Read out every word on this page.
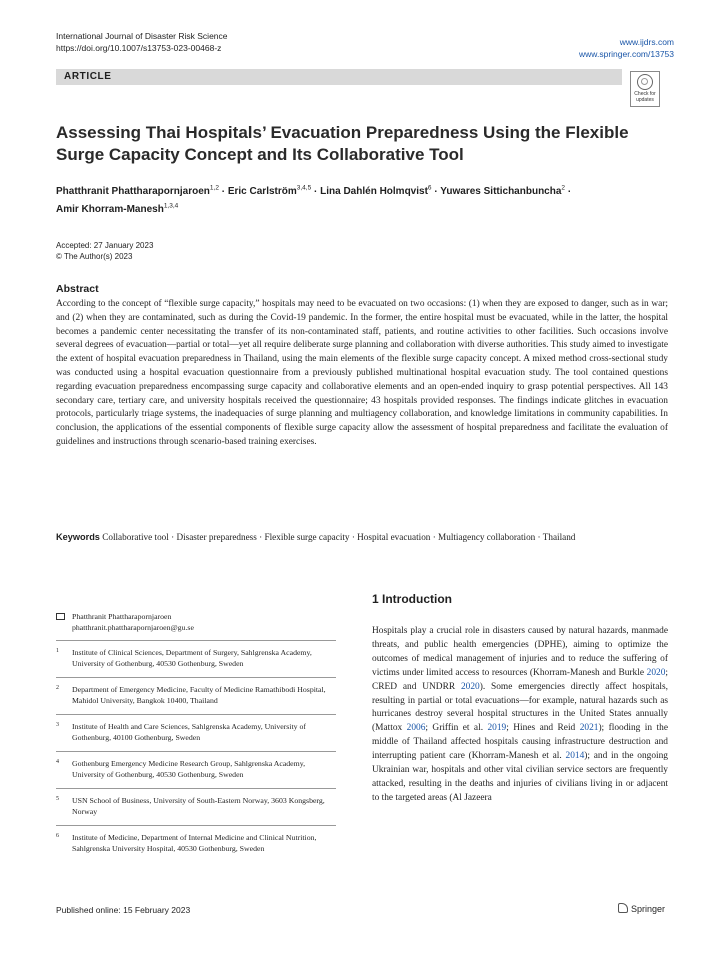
International Journal of Disaster Risk Science
https://doi.org/10.1007/s13753-023-00468-z
www.ijdrs.com
www.springer.com/13753
ARTICLE
Check for
updates
Assessing Thai Hospitals’ Evacuation Preparedness Using the Flexible Surge Capacity Concept and Its Collaborative Tool
Phatthranit Phattharapornjaroen$^{1,2}$ · Eric Carlström$^{3,4,5}$ · Lina Dahlén Holmqvist$^6$ · Yuwares Sittichanbuncha$^2$ ·
Amir Khorram-Manesh$^{1,3,4}$
Accepted: 27 January 2023
© The Author(s) 2023
Abstract
According to the concept of “flexible surge capacity,” hospitals may need to be evacuated on two occasions: (1) when they are exposed to danger, such as in war; and (2) when they are contaminated, such as during the Covid-19 pandemic. In the former, the entire hospital must be evacuated, while in the latter, the hospital becomes a pandemic center necessitating the transfer of its non-contaminated staff, patients, and routine activities to other facilities. Such occasions involve several degrees of evacuation—partial or total—yet all require deliberate surge planning and collaboration with diverse authorities. This study aimed to investigate the extent of hospital evacuation preparedness in Thailand, using the main elements of the flexible surge capacity concept. A mixed method cross-sectional study was conducted using a hospital evacuation questionnaire from a previously published multinational hospital evacuation study. The tool contained questions regarding evacuation preparedness encompassing surge capacity and collaborative elements and an open-ended inquiry to grasp potential perspectives. All 143 secondary care, tertiary care, and university hospitals received the questionnaire; 43 hospitals provided responses. The findings indicate glitches in evacuation protocols, particularly triage systems, the inadequacies of surge planning and multiagency collaboration, and knowledge limitations in community capabilities. In conclusion, the applications of the essential components of flexible surge capacity allow the assessment of hospital preparedness and facilitate the evaluation of guidelines and instructions through scenario-based training exercises.
Keywords Collaborative tool · Disaster preparedness · Flexible surge capacity · Hospital evacuation · Multiagency collaboration · Thailand
Phatthranit Phattharapornjaroen
phatthranit.phattharapornjaroen@gu.se
1 Institute of Clinical Sciences, Department of Surgery, Sahlgrenska Academy, University of Gothenburg, 40530 Gothenburg, Sweden
2 Department of Emergency Medicine, Faculty of Medicine Ramathibodi Hospital, Mahidol University, Bangkok 10400, Thailand
3 Institute of Health and Care Sciences, Sahlgrenska Academy, University of Gothenburg, 40100 Gothenburg, Sweden
4 Gothenburg Emergency Medicine Research Group, Sahlgrenska Academy, University of Gothenburg, 40530 Gothenburg, Sweden
5 USN School of Business, University of South-Eastern Norway, 3603 Kongsberg, Norway
6 Institute of Medicine, Department of Internal Medicine and Clinical Nutrition, Sahlgrenska University Hospital, 40530 Gothenburg, Sweden
1 Introduction
Hospitals play a crucial role in disasters caused by natural hazards, manmade threats, and public health emergencies (DPHE), aiming to optimize the outcomes of medical management of injuries and to reduce the suffering of victims under limited access to resources (Khorram-Manesh and Burkle 2020; CRED and UNDRR 2020). Some emergencies directly affect hospitals, resulting in partial or total evacuations—for example, natural hazards such as hurricanes destroy several hospital structures in the United States annually (Mattox 2006; Griffin et al. 2019; Hines and Reid 2021); flooding in the middle of Thailand affected hospitals causing infrastructure destruction and interrupting patient care (Khorram-Manesh et al. 2014); and in the ongoing Ukrainian war, hospitals and other vital civilian service sectors are frequently attacked, resulting in the deaths and injuries of civilians living in or adjacent to the targeted areas (Al Jazeera
Published online: 15 February 2023	Springer
